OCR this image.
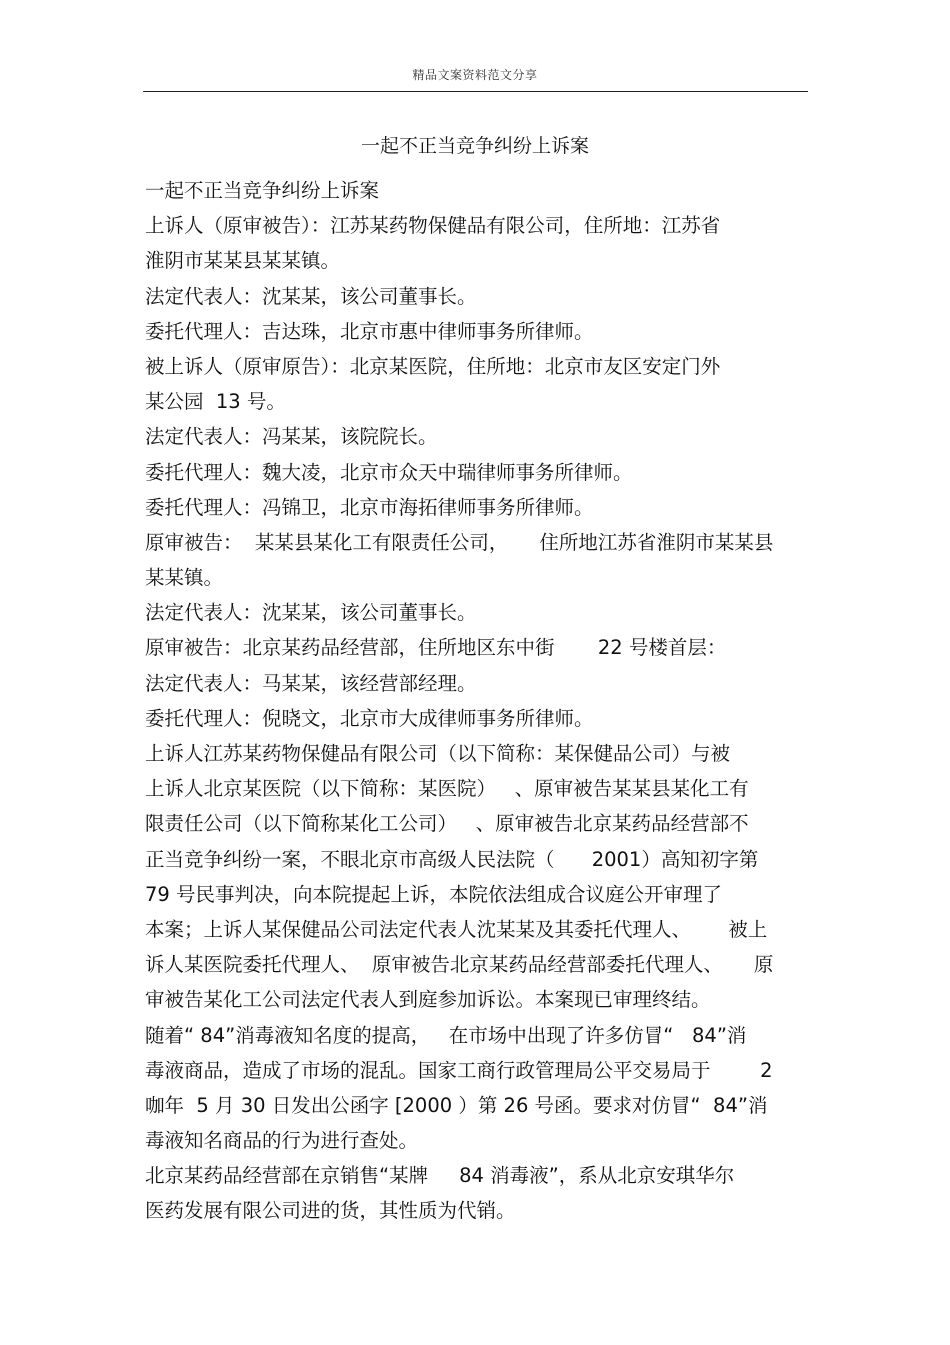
精品文案资料范文分享
一起不正当竞争纠纷上诉案
一起不正当竞争纠纷上诉案
上诉人（原审被告）：江苏某药物保健品有限公司，住所地：江苏省
淮阴市某某县某某镇。
法定代表人：沈某某，该公司董事长。
委托代理人：吉达珠，北京市惠中律师事务所律师。
被上诉人（原审原告）：北京某医院，住所地：北京市友区安定门外
某公园  13 号。
法定代表人：冯某某，该院院长。
委托代理人：魏大凌，北京市众天中瑞律师事务所律师。
委托代理人：冯锦卫，北京市海拓律师事务所律师。
原审被告：  某某县某化工有限责任公司，     住所地江苏省淮阴市某某县
某某镇。
法定代表人：沈某某，该公司董事长。
原审被告：北京某药品经营部，住所地区东中街       22 号楼首层：
法定代表人：马某某，该经营部经理。
委托代理人：倪晓文，北京市大成律师事务所律师。
上诉人江苏某药物保健品有限公司（以下简称：某保健品公司）与被
上诉人北京某医院（以下简称：某医院）   、原审被告某某县某化工有
限责任公司（以下简称某化工公司）   、原审被告北京某药品经营部不
正当竞争纠纷一案，不眼北京市高级人民法院（      2001）高知初字第
79 号民事判决，向本院提起上诉，本院依法组成合议庭公开审理了
本案；上诉人某保健品公司法定代表人沈某某及其委托代理人、      被上
诉人某医院委托代理人、  原审被告北京某药品经营部委托代理人、     原
审被告某化工公司法定代表人到庭参加诉讼。本案现已审理终结。
随着“ 84”消毒液知名度的提高，   在市场中出现了许多仿冒“   84”消
毒液商品，造成了市场的混乱。国家工商行政管理局公平交易局于        2
咖年  5 月 30 日发出公函字 [2000 ）第 26 号函。要求对仿冒“  84”消
毒液知名商品的行为进行查处。
北京某药品经营部在京销售“某牌     84 消毒液”，系从北京安琪华尔
医药发展有限公司进的货，其性质为代销。
